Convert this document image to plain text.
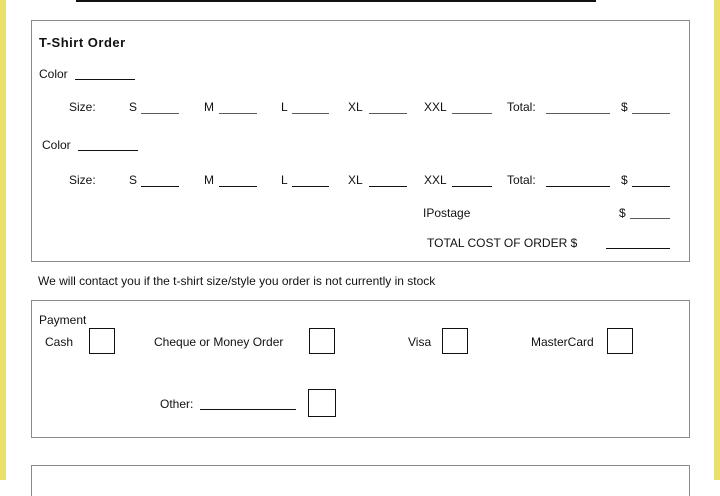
T-Shirt Order
Color
Size:	S	M	L	XL	XXL	Total:	$
Color
Size:	S	M	L	XL	XXL	Total:	$
IPostage	$
TOTAL COST OF ORDER $
We will contact you if the t-shirt size/style you order is not currently in stock
Payment
Cash	Cheque or Money Order	Visa	MasterCard
Other:
